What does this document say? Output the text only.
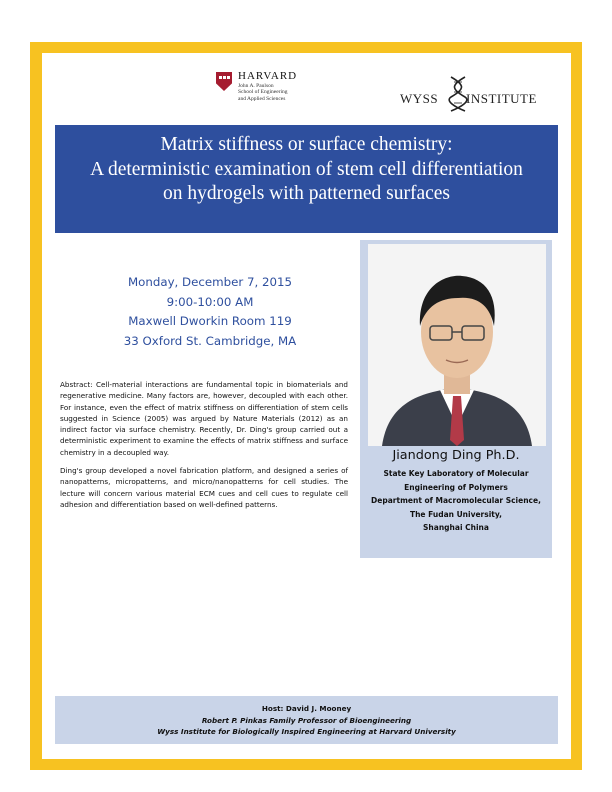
HARVARD
John A. Paulson
School of Engineering
and Applied Sciences	WYSS INSTITUTE
Matrix stiffness or surface chemistry:
A deterministic examination of stem cell differentiation
on hydrogels with patterned surfaces
Monday, December 7, 2015
9:00-10:00 AM
Maxwell Dworkin Room 119
33 Oxford St. Cambridge, MA
Jiandong Ding Ph.D.
State Key Laboratory of Molecular
Engineering of Polymers
Department of Macromolecular Science,
The Fudan University,
Shanghai China

Abstract: Cell-material interactions are fundamental topic in biomaterials and regenerative medicine. Many factors are, however, decoupled with each other. For instance, even the effect of matrix stiffness on differentiation of stem cells suggested in Science (2005) was argued by Nature Materials (2012) as an indirect factor via surface chemistry. Recently, Dr. Ding's group carried out a deterministic experiment to examine the effects of matrix stiffness and surface chemistry in a decoupled way.

Ding's group developed a novel fabrication platform, and designed a series of nanopatterns, micropatterns, and micro/nanopatterns for cell studies. The lecture will concern various material ECM cues and cell cues to regulate cell adhesion and differentiation based on well-defined patterns.

Host: David J. Mooney
Robert P. Pinkas Family Professor of Bioengineering
Wyss Institute for Biologically Inspired Engineering at Harvard University
